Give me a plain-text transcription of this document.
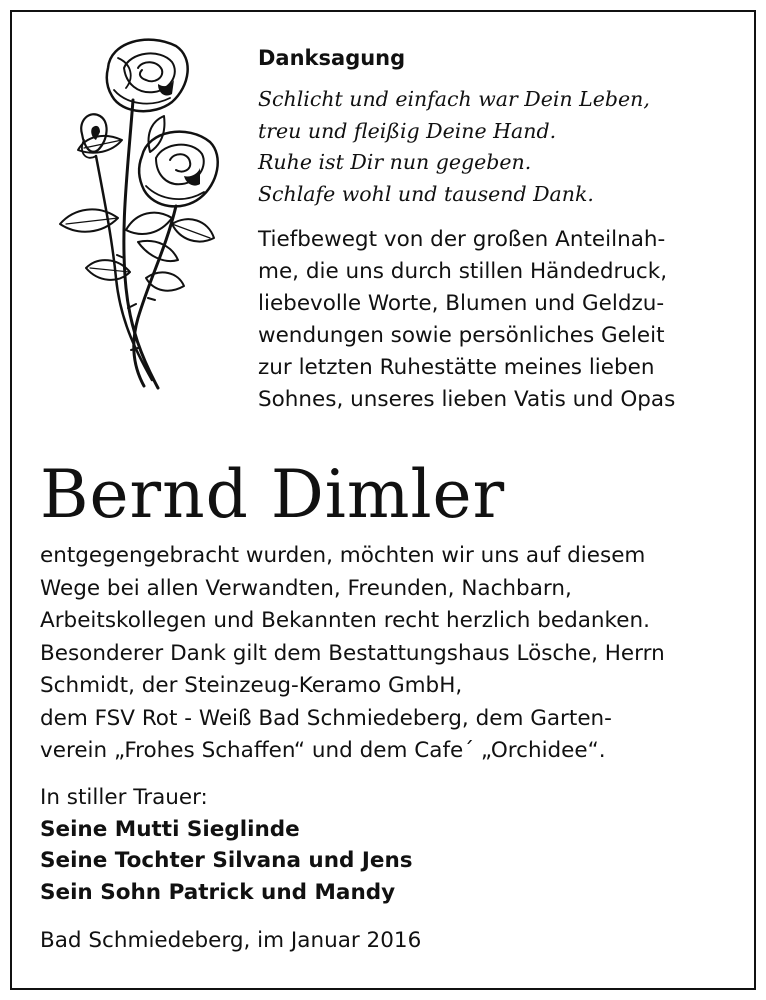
Danksagung
Schlicht und einfach war Dein Leben,
treu und fleißig Deine Hand.
Ruhe ist Dir nun gegeben.
Schlafe wohl und tausend Dank.
Tiefbewegt von der großen Anteilnah-
me, die uns durch stillen Händedruck,
liebevolle Worte, Blumen und Geldzu-
wendungen sowie persönliches Geleit
zur letzten Ruhestätte meines lieben
Sohnes, unseres lieben Vatis und Opas
Bernd Dimler
entgegengebracht wurden, möchten wir uns auf diesem
Wege bei allen Verwandten, Freunden, Nachbarn,
Arbeitskollegen und Bekannten recht herzlich bedanken.
Besonderer Dank gilt dem Bestattungshaus Lösche, Herrn
Schmidt, der Steinzeug-Keramo GmbH,
dem FSV Rot - Weiß Bad Schmiedeberg, dem Garten-
verein „Frohes Schaffen“ und dem Cafe´ „Orchidee“.
In stiller Trauer:
Seine Mutti Sieglinde
Seine Tochter Silvana und Jens
Sein Sohn Patrick und Mandy
Bad Schmiedeberg, im Januar 2016
